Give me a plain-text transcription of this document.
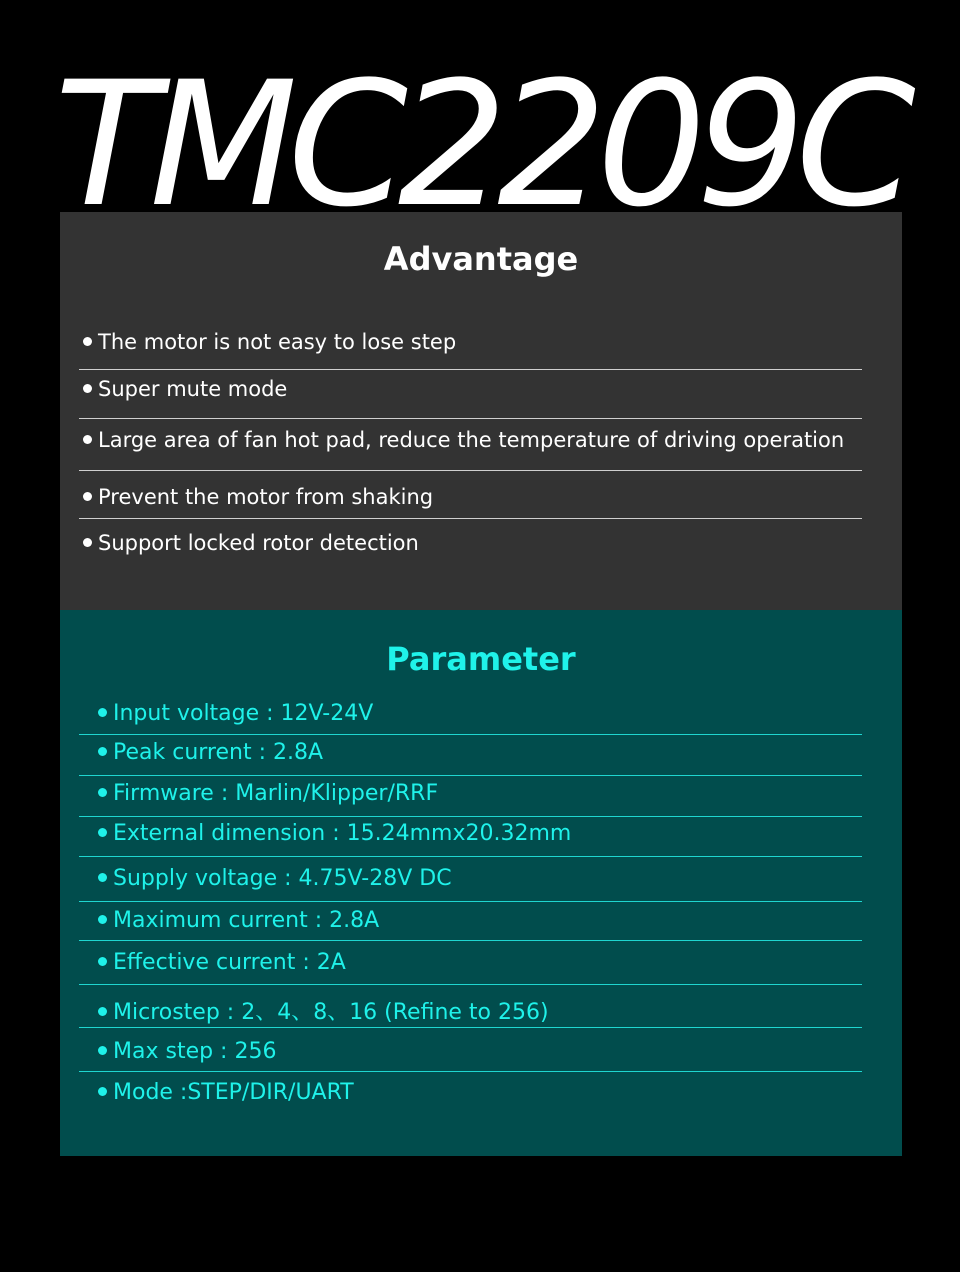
TMC2209C
Advantage
The motor is not easy to lose step
Super mute mode
Large area of fan hot pad, reduce the temperature of driving operation
Prevent the motor from shaking
Support locked rotor detection
Parameter
Input voltage : 12V-24V
Peak current : 2.8A
Firmware : Marlin/Klipper/RRF
External dimension : 15.24mmx20.32mm
Supply voltage : 4.75V-28V DC
Maximum current : 2.8A
Effective current : 2A
Microstep : 2、4、8、16 (Refine to 256)
Max step : 256
Mode :STEP/DIR/UART
